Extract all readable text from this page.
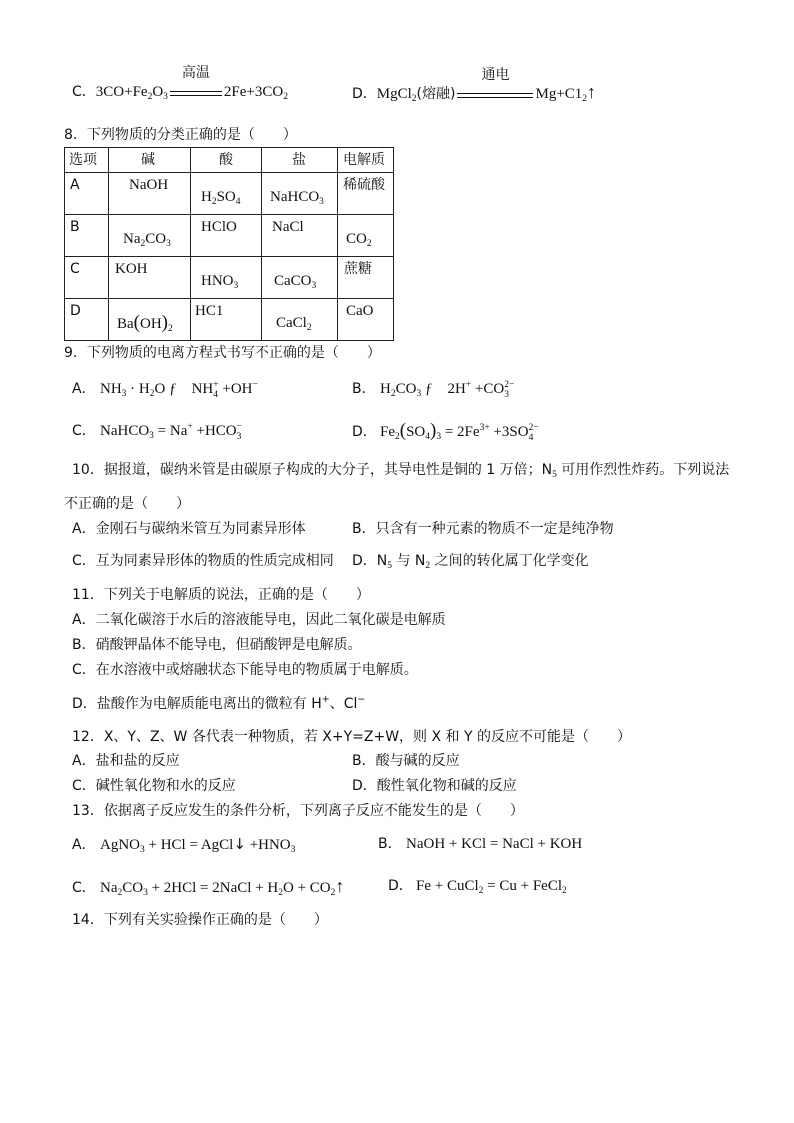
C．$3CO+Fe_2O_3$
高温
$2Fe+3CO_2$	D．MgCl$_2$(熔融)
通电
$Mg+C1_2↑$
8．下列物质的分类正确的是（　　）
选项	碱	酸	盐	电解质

A	NaOH	$H_2SO_4$	NaHCO$_3$	稀硫酸

B	$Na_2CO_3$	HClO	NaCl	$CO_2$

C	KOH	$HNO_3$	CaCO$_3$	蔗糖

D	$Ba(OH)_2$	HC1	CaCl$_2$	CaO
9．下列物质的电离方程式书写不正确的是（　　）
A． $NH_3 \cdot H_2O$ ƒ　NH+
4 +OH−	B． $H_2CO_3$ ƒ　$2H^+ +CO^{2-}$
3
C． NaHCO$_3$ = Na+ +HCO−
3	D． $Fe_2(SO_4)_3 = 2Fe^{3+} +3SO^{2-}$
4
10．据报道，碳纳米管是由碳原子构成的大分子，其导电性是铜的 1 万倍；$N_5$ 可用作烈性炸药。下列说法
不正确的是（　　）
A．金刚石与碳纳米管互为同素异形体	B．只含有一种元素的物质不一定是纯净物
C．互为同素异形体的物质的性质完成相同 D．$N_5$ 与 $N_2$ 之间的转化属丁化学变化
11．下列关于电解质的说法，正确的是（　　）
A．二氧化碳溶于水后的溶液能导电，因此二氧化碳是电解质
B．硝酸钾晶体不能导电，但硝酸钾是电解质。
C．在水溶液中或熔融状态下能导电的物质属于电解质。
D．盐酸作为电解质能电离出的微粒有 H+、Cl−
12．X、Y、Z、W 各代表一种物质，若 X+Y=Z+W，则 X 和 Y 的反应不可能是（　　）
A．盐和盐的反应	B．酸与碱的反应
C．碱性氧化物和水的反应	D．酸性氧化物和碱的反应
13．依据离子反应发生的条件分析，下列离子反应不能发生的是（　　）
A． AgNO$_3$ + HCl = AgCl↓ $+HNO_3$	B． NaOH + KCl = NaCl + KOH
C． $Na_2CO_3 + 2HCl$ = 2NaCl + $H_2O$ + $CO_2↑$	D． Fe + CuCl$_2$ = Cu + FeCl$_2$
14．下列有关实验操作正确的是（　　）
